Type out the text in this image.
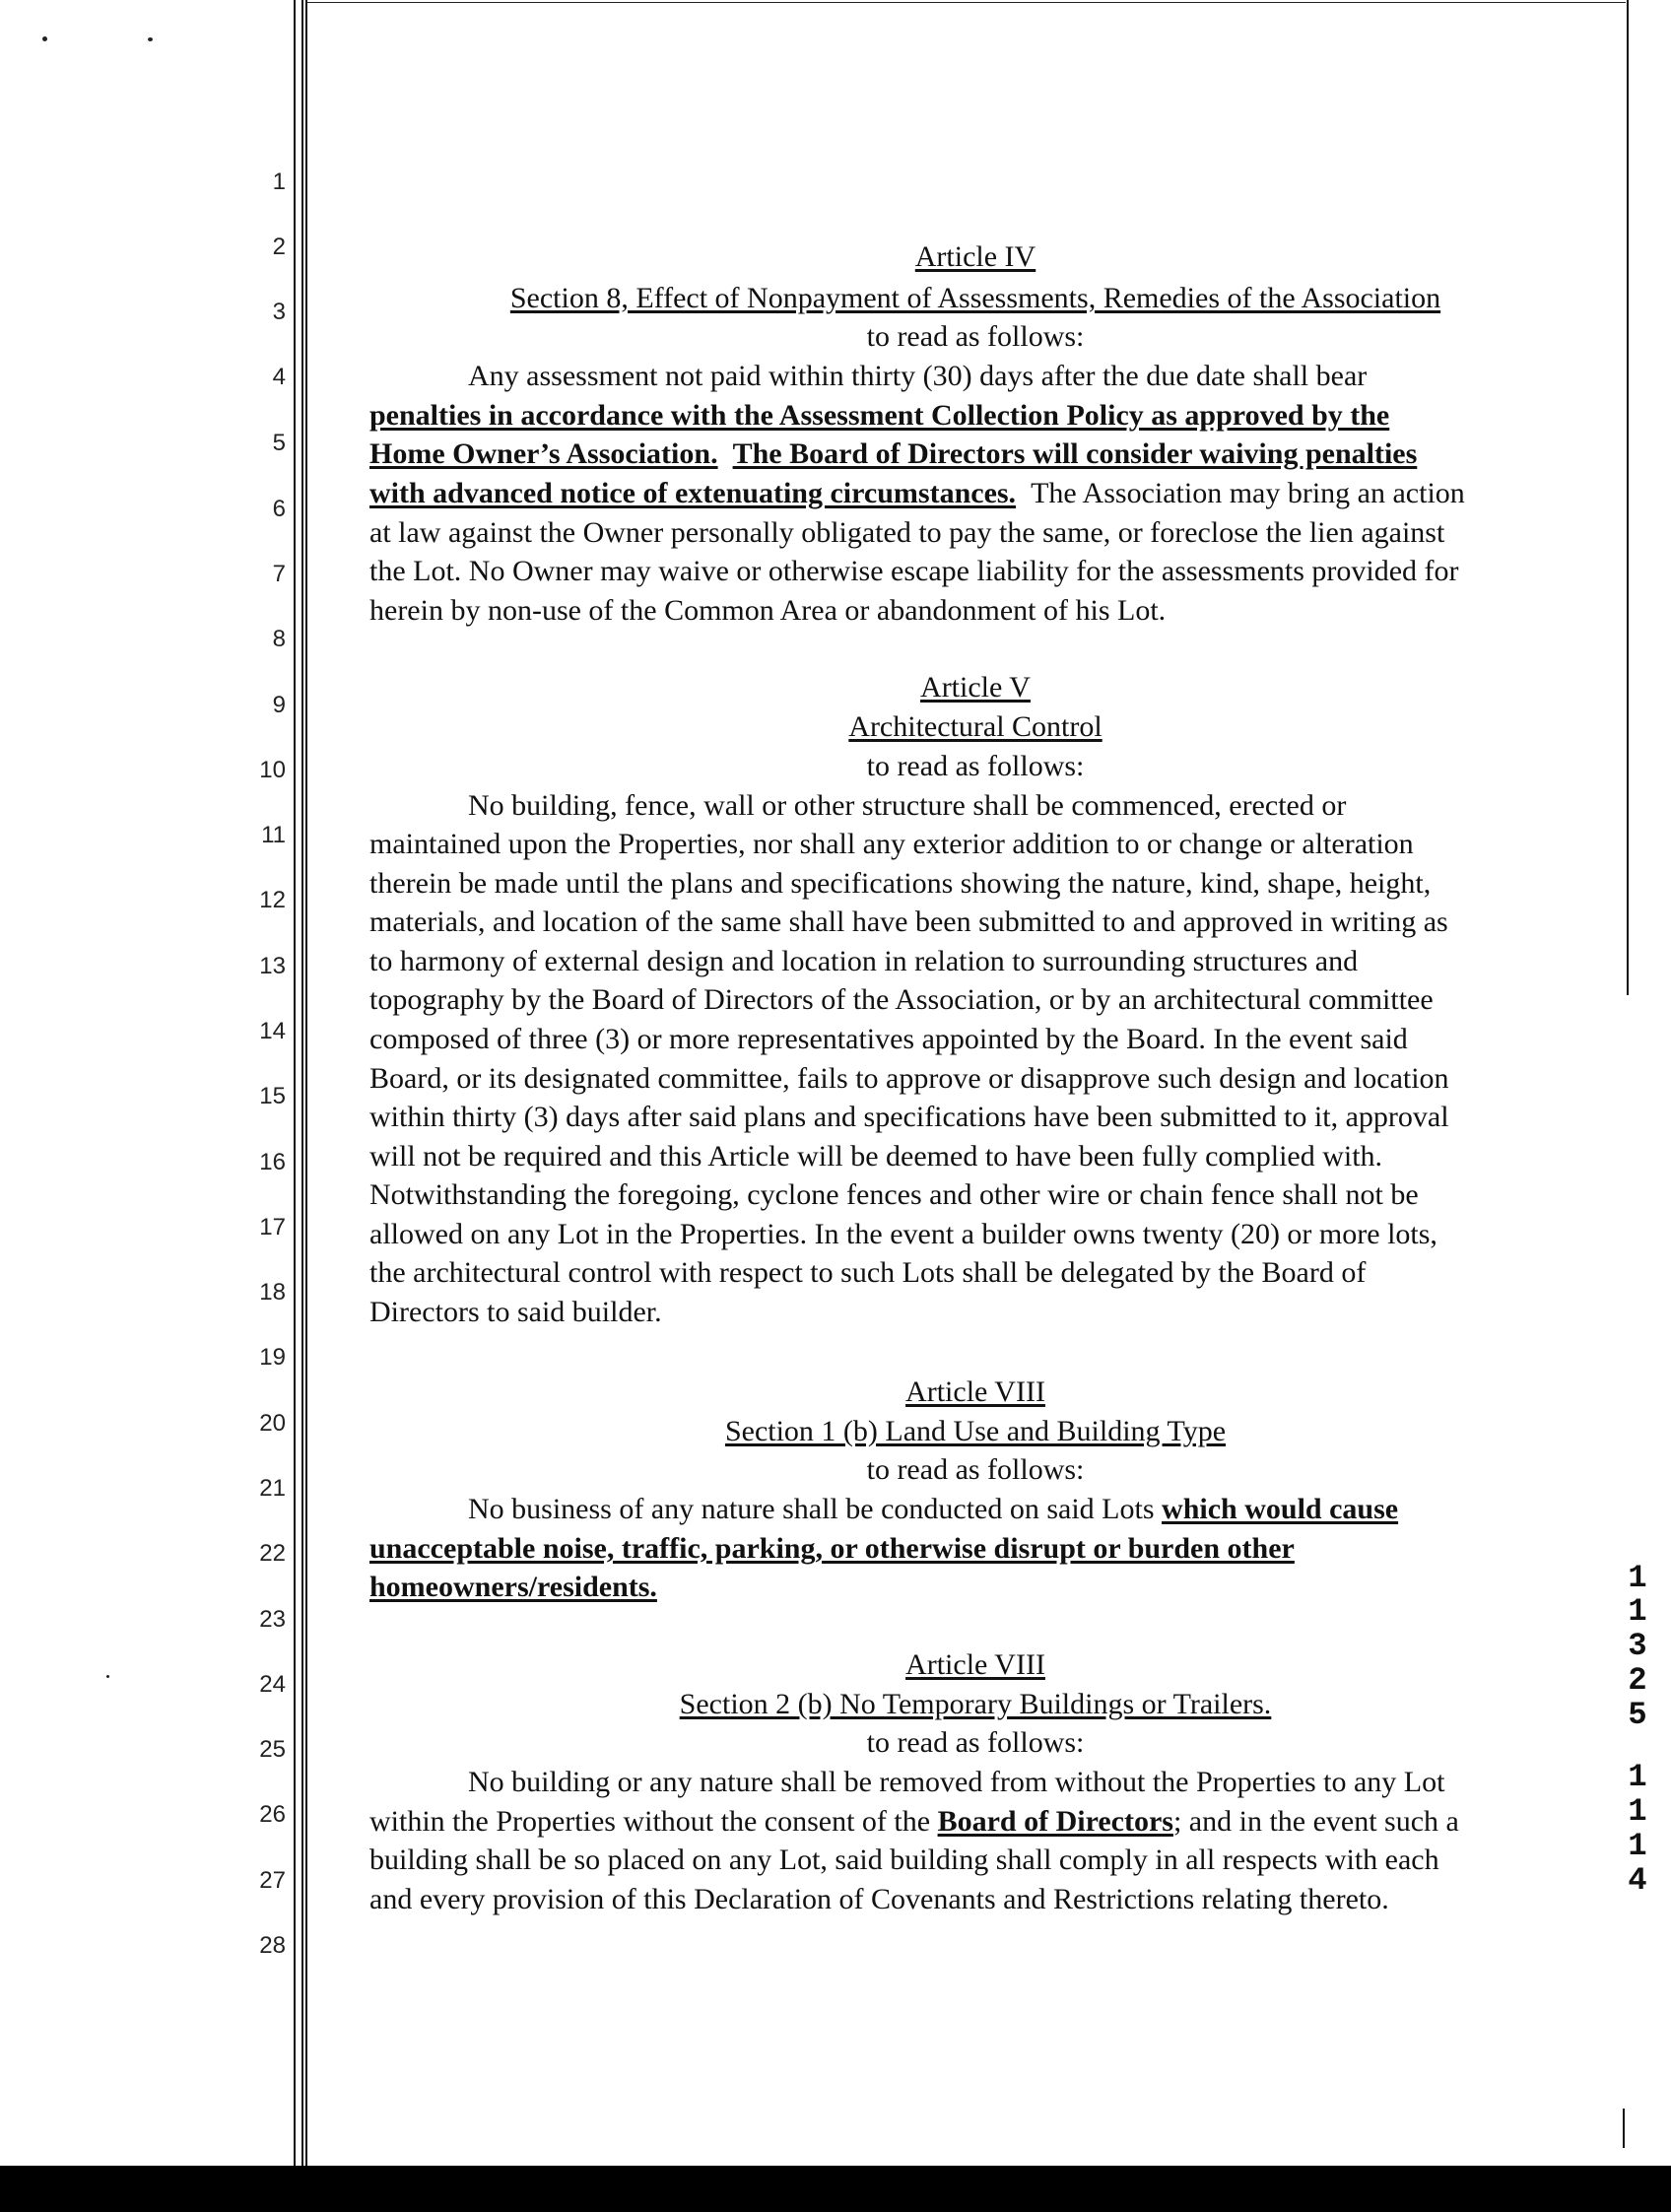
1
2
3
4
5
6
7
8
9
10
11
12
13
14
15
16
17
18
19
20
21
22
23
24
25
26
27
28
Article IV
Section 8, Effect of Nonpayment of Assessments, Remedies of the Association
to read as follows:
Any assessment not paid within thirty (30) days after the due date shall bear
penalties in accordance with the Assessment Collection Policy as approved by the
Home Owner’s Association. The Board of Directors will consider waiving penalties
with advanced notice of extenuating circumstances. The Association may bring an action
at law against the Owner personally obligated to pay the same, or foreclose the lien against
the Lot. No Owner may waive or otherwise escape liability for the assessments provided for
herein by non-use of the Common Area or abandonment of his Lot.
Article V
Architectural Control
to read as follows:
No building, fence, wall or other structure shall be commenced, erected or
maintained upon the Properties, nor shall any exterior addition to or change or alteration
therein be made until the plans and specifications showing the nature, kind, shape, height,
materials, and location of the same shall have been submitted to and approved in writing as
to harmony of external design and location in relation to surrounding structures and
topography by the Board of Directors of the Association, or by an architectural committee
composed of three (3) or more representatives appointed by the Board. In the event said
Board, or its designated committee, fails to approve or disapprove such design and location
within thirty (3) days after said plans and specifications have been submitted to it, approval
will not be required and this Article will be deemed to have been fully complied with.
Notwithstanding the foregoing, cyclone fences and other wire or chain fence shall not be
allowed on any Lot in the Properties. In the event a builder owns twenty (20) or more lots,
the architectural control with respect to such Lots shall be delegated by the Board of
Directors to said builder.
Article VIII
Section 1 (b) Land Use and Building Type
to read as follows:
No business of any nature shall be conducted on said Lots which would cause
unacceptable noise, traffic, parking, or otherwise disrupt or burden other
homeowners/residents.
Article VIII
Section 2 (b) No Temporary Buildings or Trailers.
to read as follows:
No building or any nature shall be removed from without the Properties to any Lot
within the Properties without the consent of the Board of Directors; and in the event such a
building shall be so placed on any Lot, said building shall comply in all respects with each
and every provision of this Declaration of Covenants and Restrictions relating thereto.
1
1
3
2
5
1
1
1
4
